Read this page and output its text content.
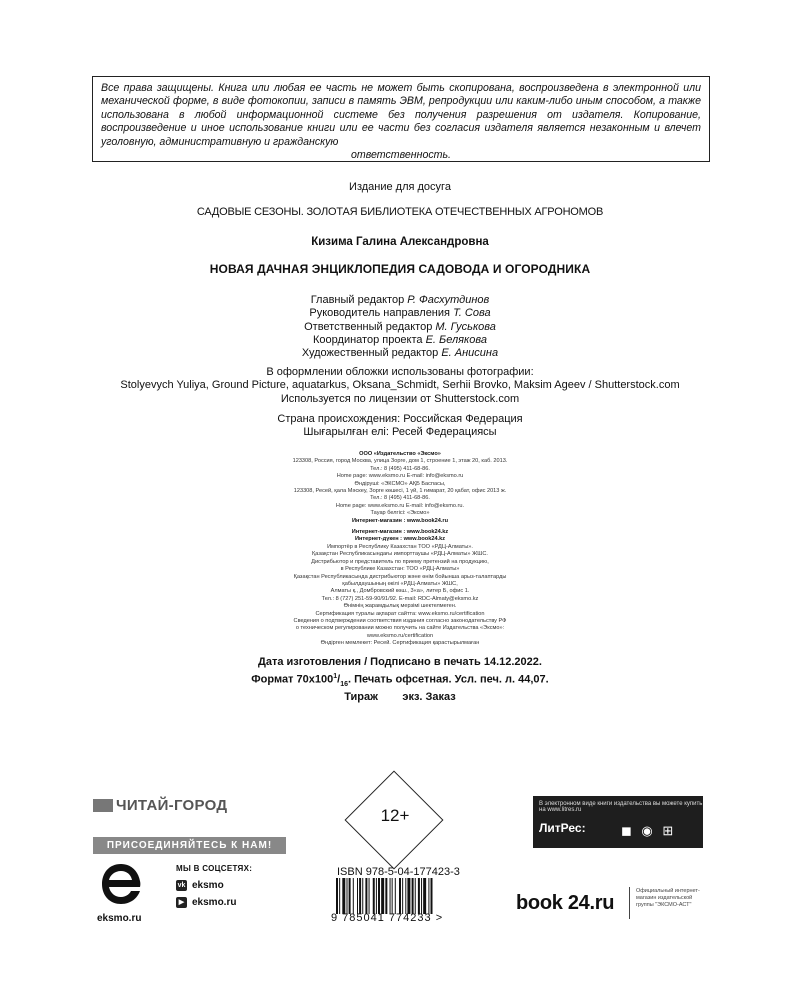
Все права защищены. Книга или любая ее часть не может быть скопирована, воспроизведена в электронной или механической форме, в виде фотокопии, записи в память ЭВМ, репродукции или каким-либо иным способом, а также использована в любой информационной системе без получения разрешения от издателя. Копирование, воспроизведение и иное использование книги или ее части без согласия издателя является незаконным и влечет уголовную, административную и гражданскую
ответственность.
Издание для досуга
САДОВЫЕ СЕЗОНЫ. ЗОЛОТАЯ БИБЛИОТЕКА ОТЕЧЕСТВЕННЫХ АГРОНОМОВ
Кизима Галина Александровна
НОВАЯ ДАЧНАЯ ЭНЦИКЛОПЕДИЯ САДОВОДА И ОГОРОДНИКА
Главный редактор Р. Фасхутдинов
Руководитель направления Т. Сова
Ответственный редактор М. Гуськова
Координатор проекта Е. Белякова
Художественный редактор Е. Анисина
В оформлении обложки использованы фотографии:
Stolyevych Yuliya, Ground Picture, aquatarkus, Oksana_Schmidt, Serhii Brovko, Maksim Ageev / Shutterstock.com
Используется по лицензии от Shutterstock.com
Страна происхождения: Российская Федерация
Шығарылған елі: Ресей Федерациясы
ООО «Издательство «Эксмо»
123308, Россия, город Москва, улица Зорге, дом 1, строение 1, этаж 20, каб. 2013.
Тел.: 8 (495) 411-68-86.
Home page: www.eksmo.ru E-mail: info@eksmo.ru
Өндіруші: «ЭКСМО» АҚБ Баспасы,
123308, Ресей, қала Мәскеу, Зорге көшесі, 1 үй, 1 ғимарат, 20 қабат, офис 2013 ж.
Тел.: 8 (495) 411-68-86.
Home page: www.eksmo.ru E-mail: info@eksmo.ru.
Тауар белгісі: «Эксмо»
Интернет-магазин : www.book24.ru
Интернет-магазин : www.book24.kz
Интернет-дүкен : www.book24.kz
Импортёр в Республику Казахстан ТОО «РДЦ-Алматы».
Қазақстан Республикасындағы импорттаушы «РДЦ-Алматы» ЖШС.
Дистрибьютор и представитель по приему претензий на продукцию,
в Республике Казахстан: ТОО «РДЦ-Алматы»
Қазақстан Республикасында дистрибьютор және өнім бойынша арыз-талаптарды
қабылдаушының өкілі «РДЦ-Алматы» ЖШС,
Алматы қ., Домбровский көш., 3«а», литер Б, офис 1.
Тел.: 8 (727) 251-59-90/91/92. E-mail: RDC-Almaty@eksmo.kz
Өнімнің жарамдылық мерзімі шектелмеген.
Сертификация туралы ақпарат сайтта: www.eksmo.ru/certification
Сведения о подтверждении соответствия издания согласно законодательству РФ
о техническом регулировании можно получить на сайте Издательства «Эксмо»:
www.eksmo.ru/certification
Өндірген мемлекет: Ресей. Сертификация қарастырылмаған
Дата изготовления / Подписано в печать 14.12.2022.
Формат $70x100^1/_{16}$. Печать офсетная. Усл. печ. л. 44,07.
Тираж        экз. Заказ
ЧИТАЙ-ГОРОД
ПРИСОЕДИНЯЙТЕСЬ К НАМ!
eksmo.ru
МЫ В СОЦСЕТЯХ:
vk eksmo
▶ eksmo.ru
12+
ISBN 978-5-04-177423-3
9 785041 774233 >
В электронном виде книги издательства вы можете купить на www.litres.ru
ЛитРес:	◼ ◉ ⊞
book 24.ru
Официальный интернет-магазин издательской группы "ЭКСМО-АСТ"
